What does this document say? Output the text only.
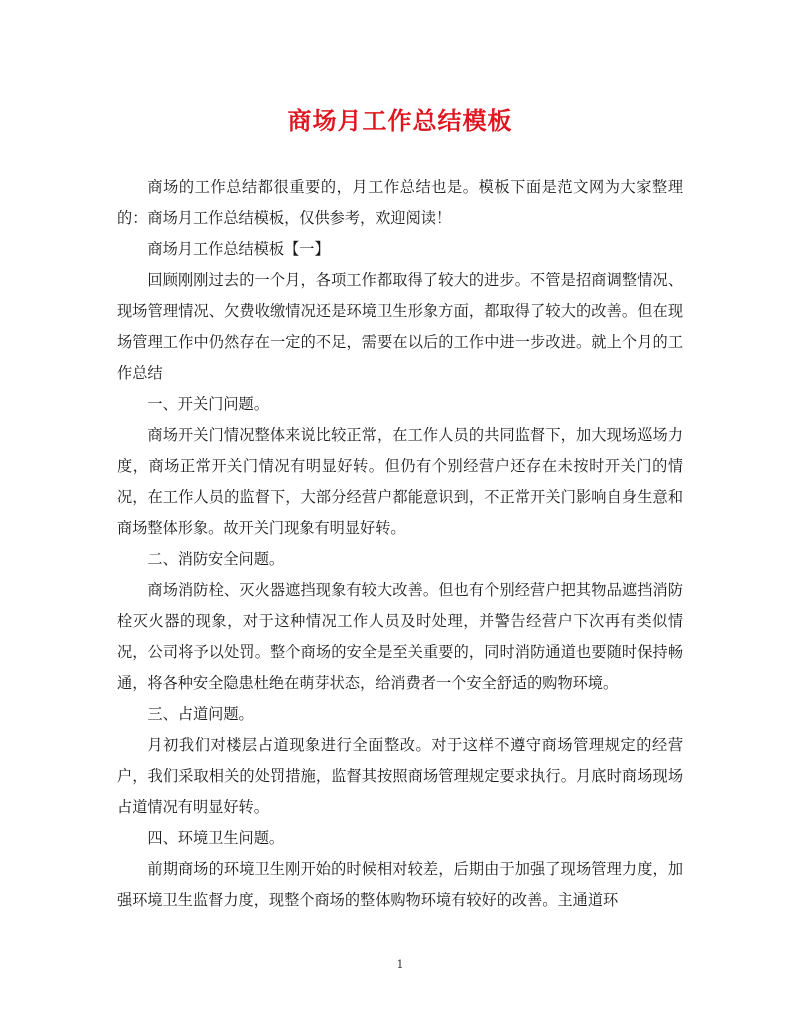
商场月工作总结模板

商场的工作总结都很重要的，月工作总结也是。模板下面是范文网为大家整理的：商场月工作总结模板，仅供参考，欢迎阅读！

商场月工作总结模板【一】

回顾刚刚过去的一个月，各项工作都取得了较大的进步。不管是招商调整情况、现场管理情况、欠费收缴情况还是环境卫生形象方面，都取得了较大的改善。但在现场管理工作中仍然存在一定的不足，需要在以后的工作中进一步改进。就上个月的工作总结

一、开关门问题。

商场开关门情况整体来说比较正常，在工作人员的共同监督下，加大现场巡场力度，商场正常开关门情况有明显好转。但仍有个别经营户还存在未按时开关门的情况，在工作人员的监督下，大部分经营户都能意识到，不正常开关门影响自身生意和商场整体形象。故开关门现象有明显好转。

二、消防安全问题。

商场消防栓、灭火器遮挡现象有较大改善。但也有个别经营户把其物品遮挡消防栓灭火器的现象，对于这种情况工作人员及时处理，并警告经营户下次再有类似情况，公司将予以处罚。整个商场的安全是至关重要的，同时消防通道也要随时保持畅通，将各种安全隐患杜绝在萌芽状态，给消费者一个安全舒适的购物环境。

三、占道问题。

月初我们对楼层占道现象进行全面整改。对于这样不遵守商场管理规定的经营户，我们采取相关的处罚措施，监督其按照商场管理规定要求执行。月底时商场现场占道情况有明显好转。

四、环境卫生问题。

前期商场的环境卫生刚开始的时候相对较差，后期由于加强了现场管理力度，加强环境卫生监督力度，现整个商场的整体购物环境有较好的改善。主通道环

1
